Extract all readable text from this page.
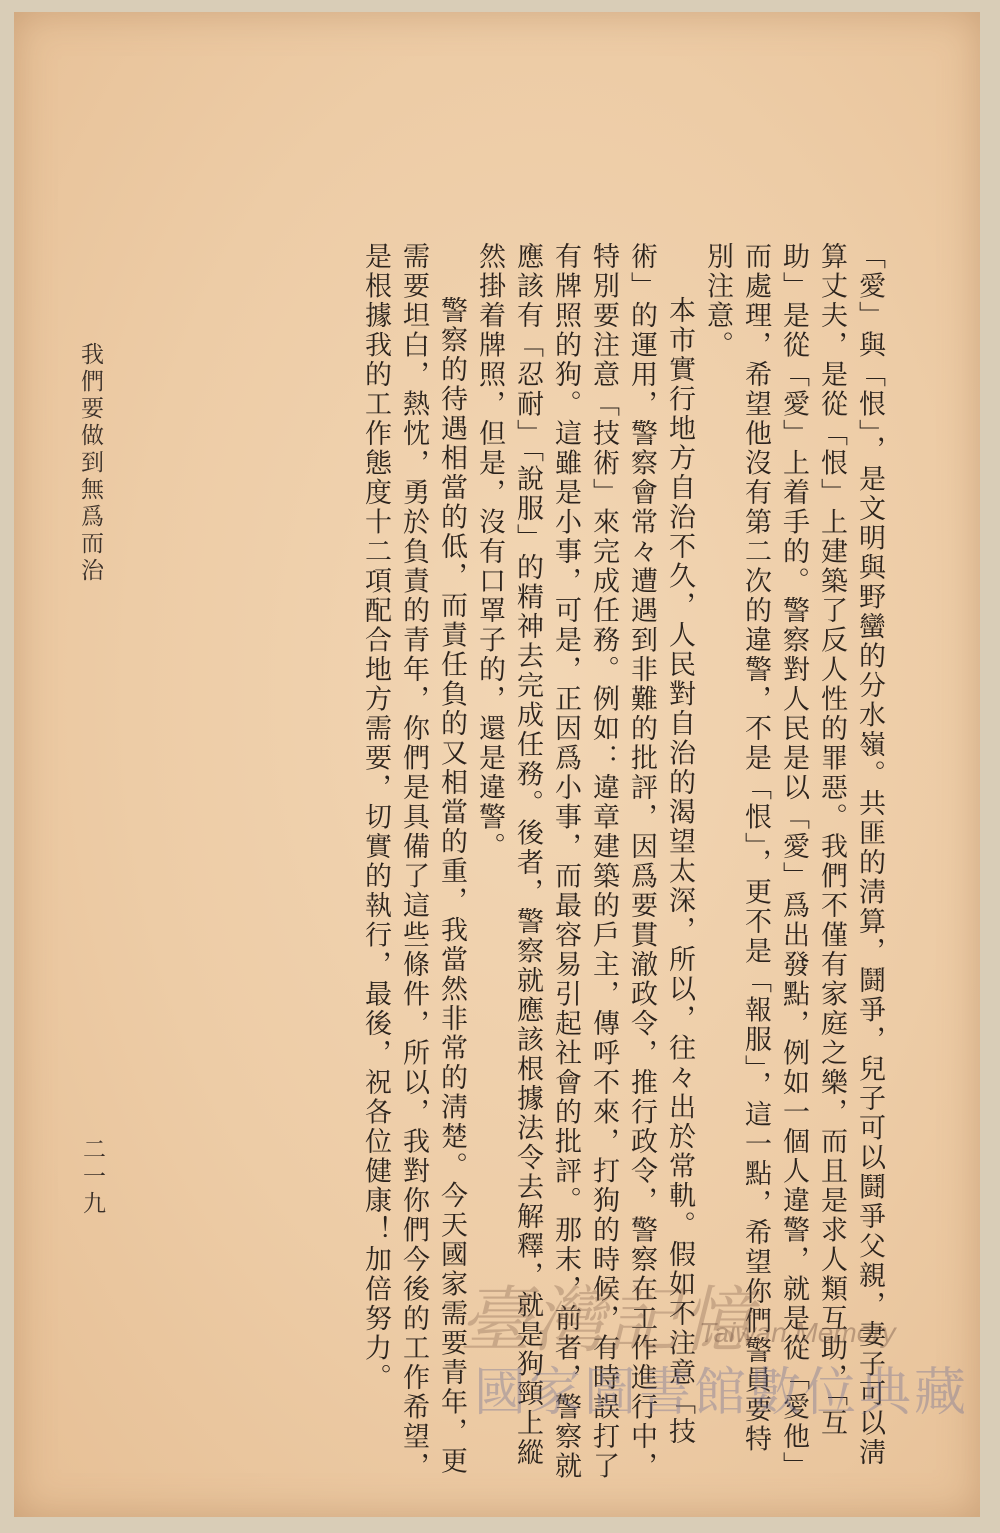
我們要做到無爲而治
二一九	「愛」與「恨」，是文明與野蠻的分水嶺。共匪的淸算，鬪爭，兒子可以鬪爭父親，妻子可以淸算丈夫，是從「恨」上建築了反人性的罪惡。我們不僅有家庭之樂，而且是求人類互助，「互助」是從「愛」上着手的。警察對人民是以「愛」爲出發點，例如一個人違警，就是從「愛他」而處理，希望他沒有第二次的違警，不是「恨」，更不是「報服」，這一點，希望你們警員要特別注意。

本市實行地方自治不久，人民對自治的渴望太深，所以，往々出於常軌。假如不注意「技術」的運用，警察會常々遭遇到非難的批評，因爲要貫澈政令，推行政令，警察在工作進行中，特別要注意「技術」來完成任務。例如：違章建築的戶主，傳呼不來，打狗的時候，有時誤打了有牌照的狗。這雖是小事，可是，正因爲小事，而最容易引起社會的批評。那末，前者，警察就應該有「忍耐」「說服」的精神去完成任務。後者，警察就應該根據法令去解釋，就是狗頸上縱然掛着牌照，但是，沒有口罩子的，還是違警。

警察的待遇相當的低，而責任負的又相當的重，我當然非常的淸楚。今天國家需要青年，更需要坦白，熱忱，勇於負責的青年，你們是具備了這些條件，所以，我對你們今後的工作希望，是根據我的工作態度十二項配合地方需要，切實的執行，最後，祝各位健康！加倍努力。 臺灣記憶
Taiwan Memory
國家圖書館數位典藏
